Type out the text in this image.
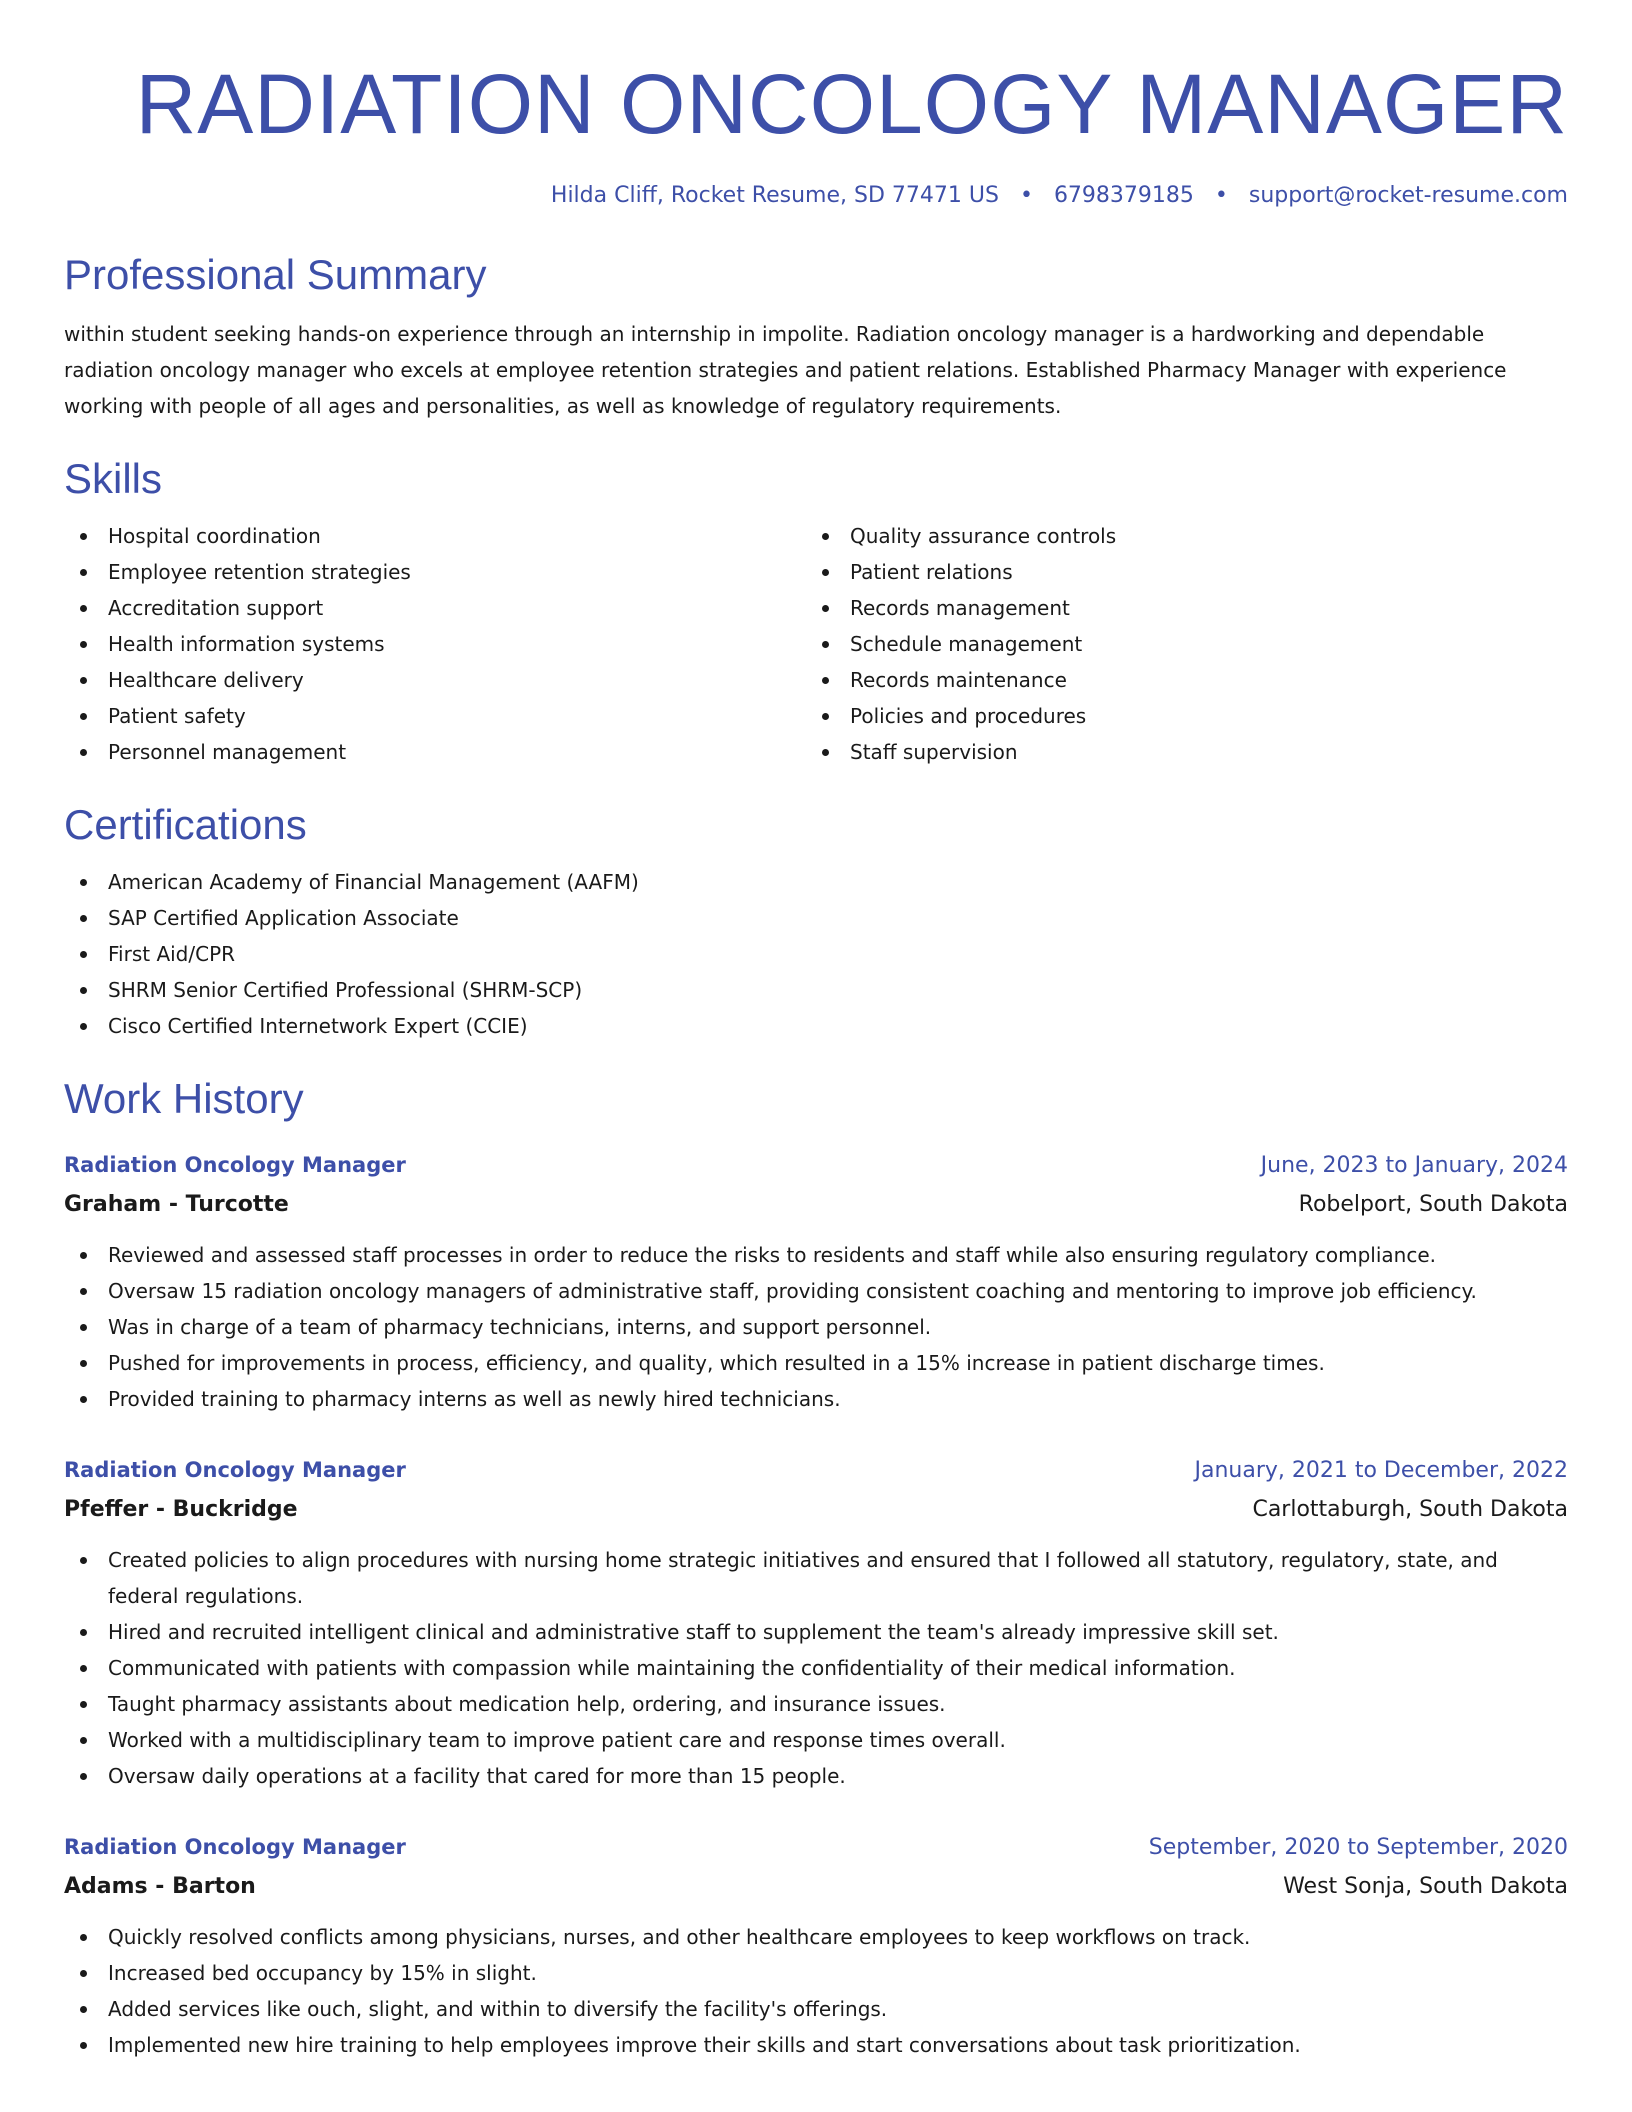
RADIATION ONCOLOGY MANAGER
Hilda Cliff, Rocket Resume, SD 77471 US • 6798379185 • support@rocket-resume.com
Professional Summary
within student seeking hands-on experience through an internship in impolite. Radiation oncology manager is a hardworking and dependable radiation oncology manager who excels at employee retention strategies and patient relations. Established Pharmacy Manager with experience working with people of all ages and personalities, as well as knowledge of regulatory requirements.
Skills
Hospital coordination
Employee retention strategies
Accreditation support
Health information systems
Healthcare delivery
Patient safety
Personnel management
Quality assurance controls
Patient relations
Records management
Schedule management
Records maintenance
Policies and procedures
Staff supervision
Certifications
American Academy of Financial Management (AAFM)
SAP Certified Application Associate
First Aid/CPR
SHRM Senior Certified Professional (SHRM-SCP)
Cisco Certified Internetwork Expert (CCIE)
Work History
Radiation Oncology Manager	June, 2023 to January, 2024
Graham - Turcotte	Robelport, South Dakota
Reviewed and assessed staff processes in order to reduce the risks to residents and staff while also ensuring regulatory compliance.
Oversaw 15 radiation oncology managers of administrative staff, providing consistent coaching and mentoring to improve job efficiency.
Was in charge of a team of pharmacy technicians, interns, and support personnel.
Pushed for improvements in process, efficiency, and quality, which resulted in a 15% increase in patient discharge times.
Provided training to pharmacy interns as well as newly hired technicians.
Radiation Oncology Manager	January, 2021 to December, 2022
Pfeffer - Buckridge	Carlottaburgh, South Dakota
Created policies to align procedures with nursing home strategic initiatives and ensured that I followed all statutory, regulatory, state, and federal regulations.
Hired and recruited intelligent clinical and administrative staff to supplement the team's already impressive skill set.
Communicated with patients with compassion while maintaining the confidentiality of their medical information.
Taught pharmacy assistants about medication help, ordering, and insurance issues.
Worked with a multidisciplinary team to improve patient care and response times overall.
Oversaw daily operations at a facility that cared for more than 15 people.
Radiation Oncology Manager	September, 2020 to September, 2020
Adams - Barton	West Sonja, South Dakota
Quickly resolved conflicts among physicians, nurses, and other healthcare employees to keep workflows on track.
Increased bed occupancy by 15% in slight.
Added services like ouch, slight, and within to diversify the facility's offerings.
Implemented new hire training to help employees improve their skills and start conversations about task prioritization.
